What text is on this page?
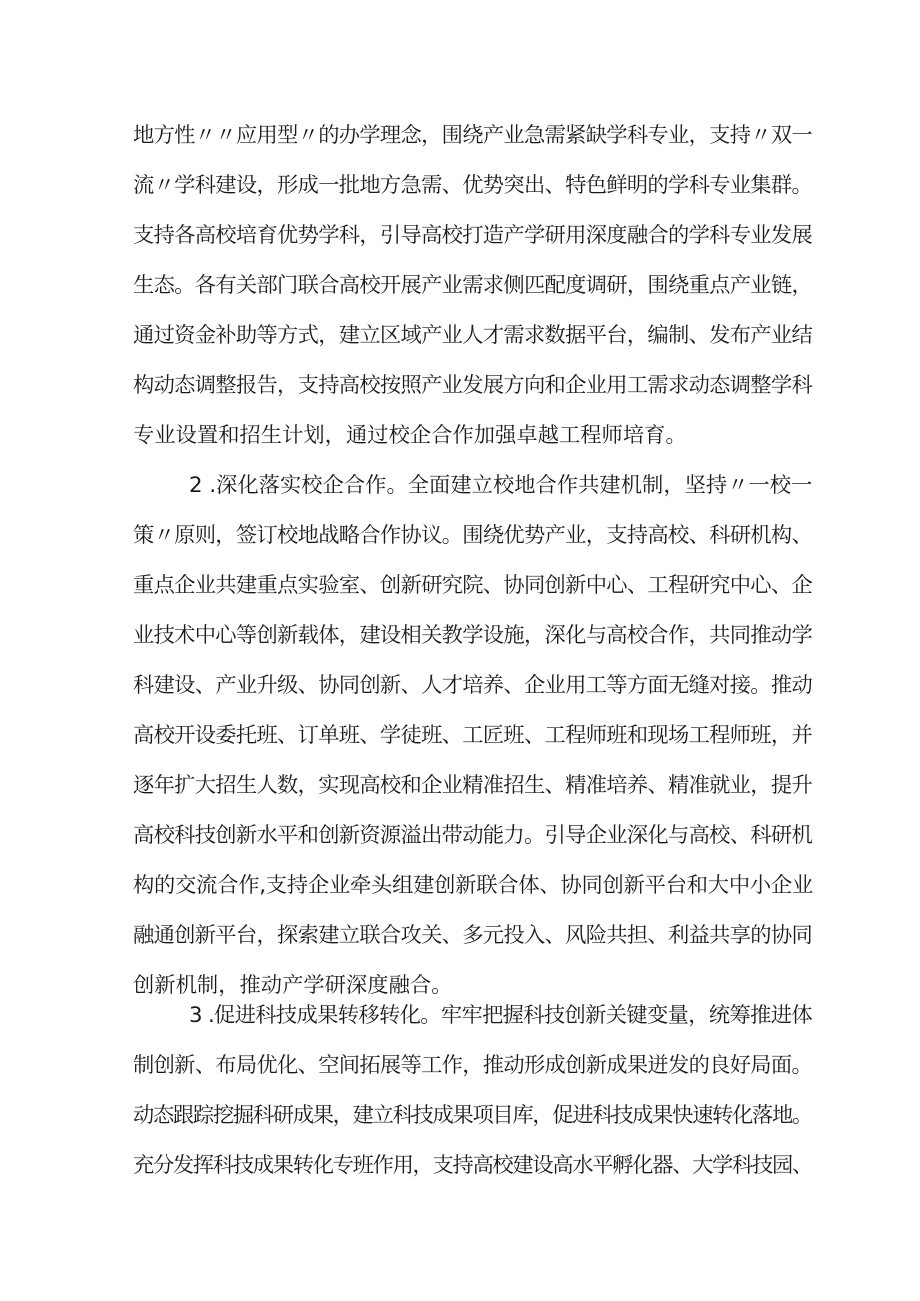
地方性〃〃应用型〃的办学理念，围绕产业急需紧缺学科专业，支持〃双一
流〃学科建设，形成一批地方急需、优势突出、特色鲜明的学科专业集群。
支持各高校培育优势学科，引导高校打造产学研用深度融合的学科专业发展
生态。各有关部门联合高校开展产业需求侧匹配度调研，围绕重点产业链，
通过资金补助等方式，建立区域产业人才需求数据平台，编制、发布产业结
构动态调整报告，支持高校按照产业发展方向和企业用工需求动态调整学科
专业设置和招生计划，通过校企合作加强卓越工程师培育。
2 .深化落实校企合作。全面建立校地合作共建机制，坚持〃一校一
策〃原则，签订校地战略合作协议。围绕优势产业，支持高校、科研机构、
重点企业共建重点实验室、创新研究院、协同创新中心、工程研究中心、企
业技术中心等创新载体，建设相关教学设施，深化与高校合作，共同推动学
科建设、产业升级、协同创新、人才培养、企业用工等方面无缝对接。推动
高校开设委托班、订单班、学徒班、工匠班、工程师班和现场工程师班，并
逐年扩大招生人数，实现高校和企业精准招生、精准培养、精准就业，提升
高校科技创新水平和创新资源溢出带动能力。引导企业深化与高校、科研机
构的交流合作,支持企业牵头组建创新联合体、协同创新平台和大中小企业
融通创新平台，探索建立联合攻关、多元投入、风险共担、利益共享的协同
创新机制，推动产学研深度融合。
3 .促进科技成果转移转化。牢牢把握科技创新关键变量，统筹推进体
制创新、布局优化、空间拓展等工作，推动形成创新成果迸发的良好局面。
动态跟踪挖掘科研成果，建立科技成果项目库，促进科技成果快速转化落地。
充分发挥科技成果转化专班作用，支持高校建设高水平孵化器、大学科技园、
